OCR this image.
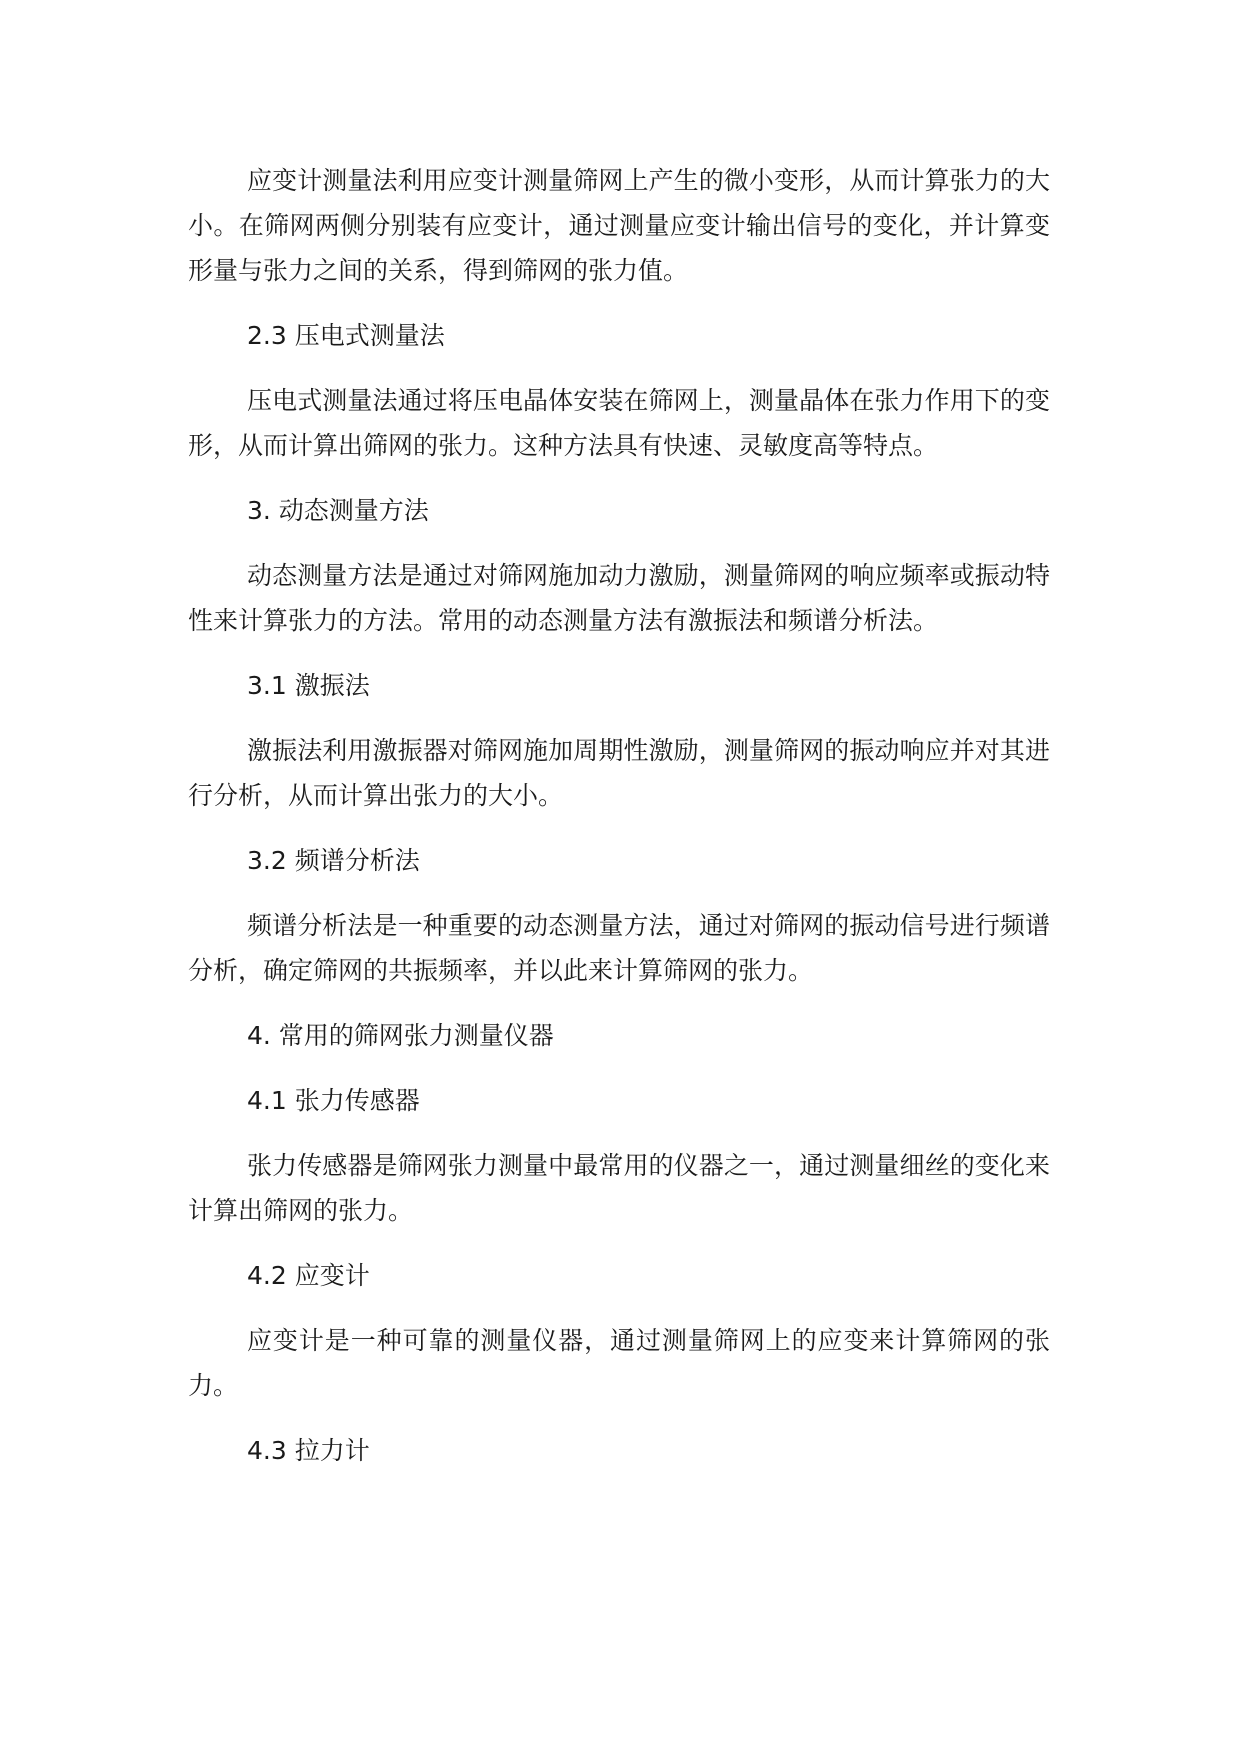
应变计测量法利用应变计测量筛网上产生的微小变形，从而计算张力的大小。在筛网两侧分别装有应变计，通过测量应变计输出信号的变化，并计算变形量与张力之间的关系，得到筛网的张力值。

2.3 压电式测量法

压电式测量法通过将压电晶体安装在筛网上，测量晶体在张力作用下的变形，从而计算出筛网的张力。这种方法具有快速、灵敏度高等特点。

3. 动态测量方法

动态测量方法是通过对筛网施加动力激励，测量筛网的响应频率或振动特性来计算张力的方法。常用的动态测量方法有激振法和频谱分析法。

3.1 激振法

激振法利用激振器对筛网施加周期性激励，测量筛网的振动响应并对其进行分析，从而计算出张力的大小。

3.2 频谱分析法

频谱分析法是一种重要的动态测量方法，通过对筛网的振动信号进行频谱分析，确定筛网的共振频率，并以此来计算筛网的张力。

4. 常用的筛网张力测量仪器

4.1 张力传感器

张力传感器是筛网张力测量中最常用的仪器之一，通过测量细丝的变化来计算出筛网的张力。

4.2 应变计

应变计是一种可靠的测量仪器，通过测量筛网上的应变来计算筛网的张力。

4.3 拉力计
